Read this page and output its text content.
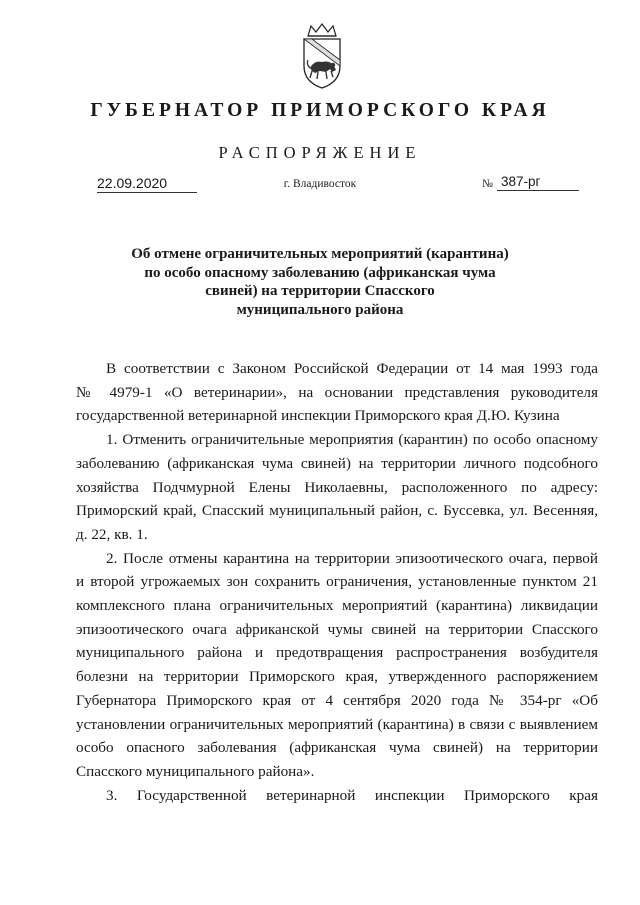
ГУБЕРНАТОР ПРИМОРСКОГО КРАЯ
РАСПОРЯЖЕНИЕ
22.09.2020	г. Владивосток	№ 387-рг
Об отмене ограничительных мероприятий (карантина)
по особо опасному заболеванию (африканская чума
свиней) на территории Спасского
муниципального района
В соответствии с Законом Российской Федерации от 14 мая 1993 года
№ 4979-1 «О ветеринарии», на основании представления руководителя
государственной ветеринарной инспекции Приморского края Д.Ю. Кузина
1. Отменить ограничительные мероприятия (карантин) по особо опасному
заболеванию (африканская чума свиней) на территории личного подсобного
хозяйства Подчмурной Елены Николаевны, расположенного по адресу:
Приморский край, Спасский муниципальный район, с. Буссевка, ул. Весенняя,
д. 22, кв. 1.
2. После отмены карантина на территории эпизоотического очага, первой
и второй угрожаемых зон сохранить ограничения, установленные пунктом 21
комплексного плана ограничительных мероприятий (карантина) ликвидации
эпизоотического очага африканской чумы свиней на территории Спасского
муниципального района и предотвращения распространения возбудителя
болезни на территории Приморского края, утвержденного распоряжением
Губернатора Приморского края от 4 сентября 2020 года № 354-рг «Об
установлении ограничительных мероприятий (карантина) в связи с выявлением
особо опасного заболевания (африканская чума свиней) на территории
Спасского муниципального района».
3. Государственной ветеринарной инспекции Приморского края
